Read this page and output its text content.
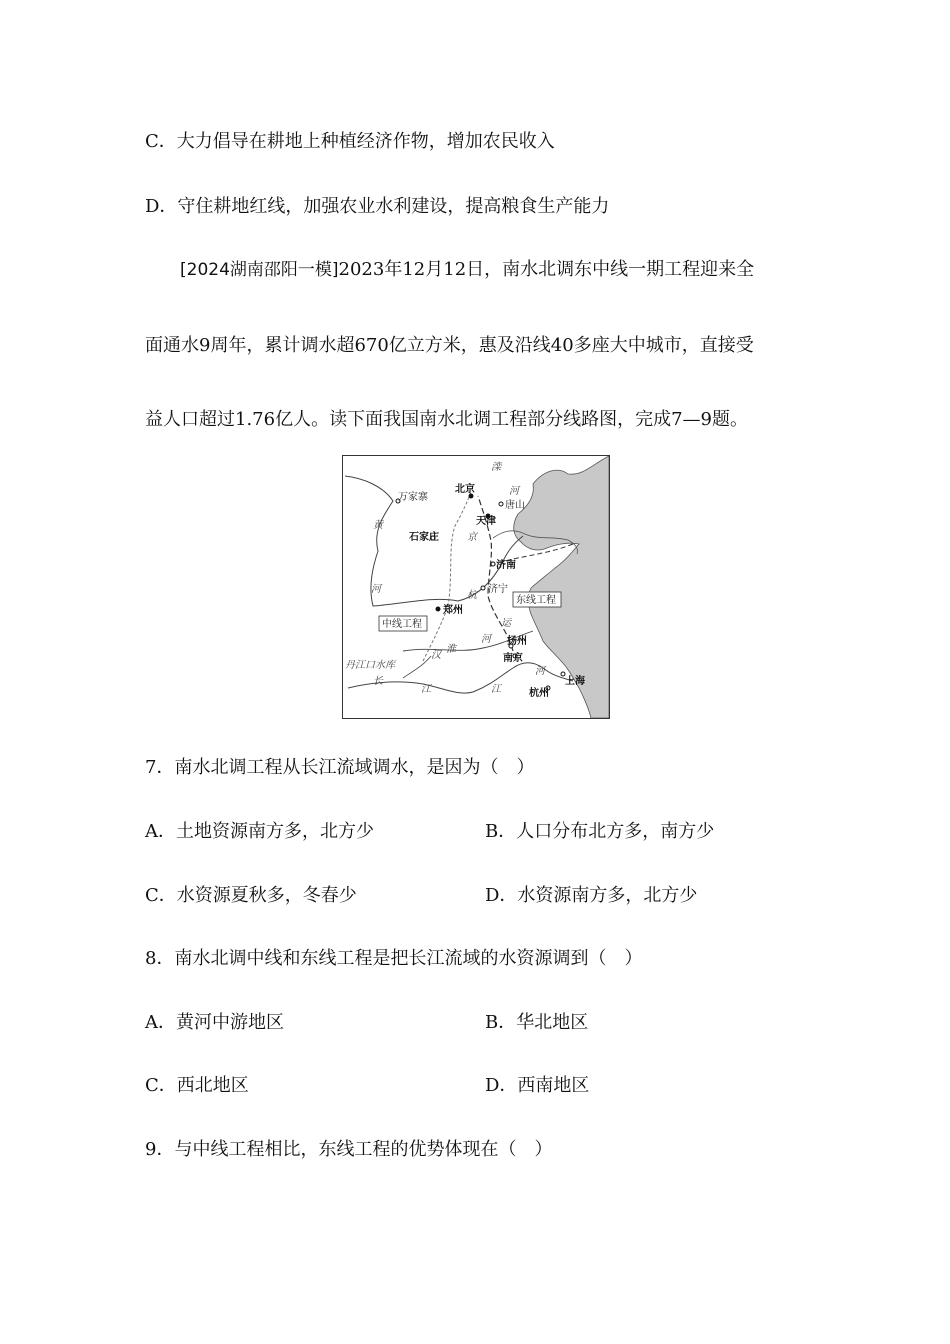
C．大力倡导在耕地上种植经济作物，增加农民收入
D．守住耕地红线，加强农业水利建设，提高粮食生产能力
[2024湖南邵阳一模]2023年12月12日，南水北调东中线一期工程迎来全
面通水9周年，累计调水超670亿立方米，惠及沿线40多座大中城市，直接受
益人口超过1.76亿人。读下面我国南水北调工程部分线路图，完成7—9题。
北京
天津
唐山
石家庄
济南
济宁
郑州
扬州
南京
上海
杭州
万家寨
滦
河
黄
河
京
杭
运
淮
河
汉
长
江	江
河
东线工程
中线工程
丹江口水库
7．南水北调工程从长江流域调水，是因为（　）
A．土地资源南方多，北方少	B．人口分布北方多，南方少
C．水资源夏秋多，冬春少	D．水资源南方多，北方少
8．南水北调中线和东线工程是把长江流域的水资源调到（　）
A．黄河中游地区	B．华北地区
C．西北地区	D．西南地区
9．与中线工程相比，东线工程的优势体现在（　）
